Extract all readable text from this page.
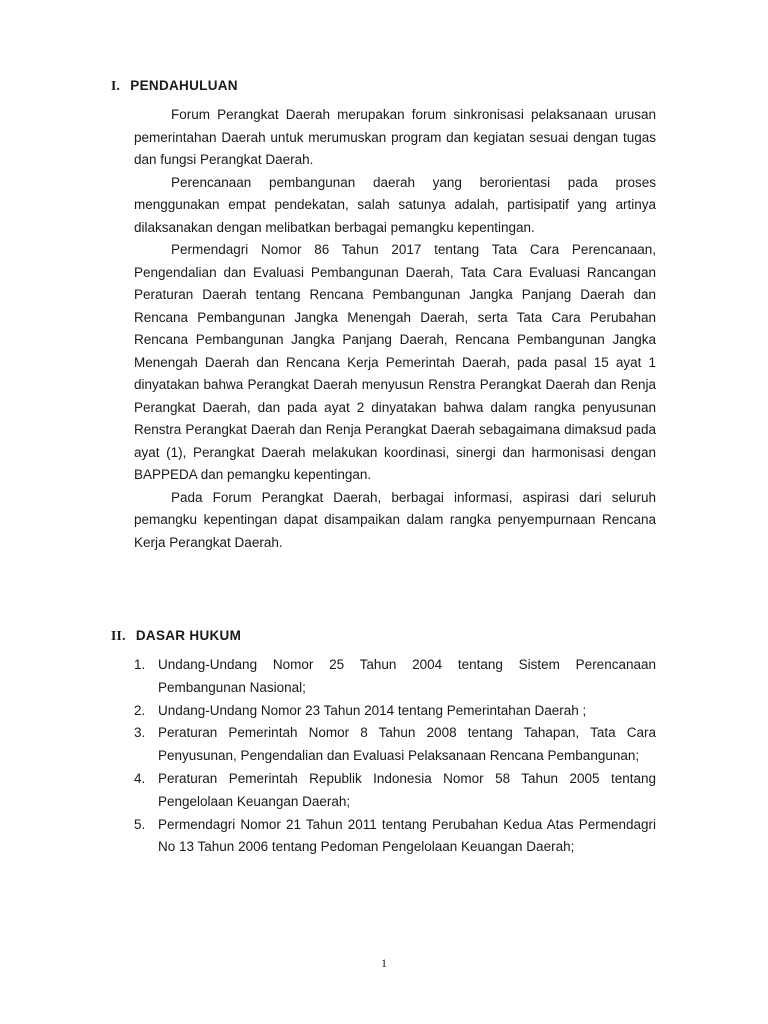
I. PENDAHULUAN

Forum Perangkat Daerah merupakan forum sinkronisasi pelaksanaan urusan pemerintahan Daerah untuk merumuskan program dan kegiatan sesuai dengan tugas dan fungsi Perangkat Daerah.

Perencanaan pembangunan daerah yang berorientasi pada proses menggunakan empat pendekatan, salah satunya adalah, partisipatif yang artinya dilaksanakan dengan melibatkan berbagai pemangku kepentingan.

Permendagri Nomor 86 Tahun 2017 tentang Tata Cara Perencanaan, Pengendalian dan Evaluasi Pembangunan Daerah, Tata Cara Evaluasi Rancangan Peraturan Daerah tentang Rencana Pembangunan Jangka Panjang Daerah dan Rencana Pembangunan Jangka Menengah Daerah, serta Tata Cara Perubahan Rencana Pembangunan Jangka Panjang Daerah, Rencana Pembangunan Jangka Menengah Daerah dan Rencana Kerja Pemerintah Daerah, pada pasal 15 ayat 1 dinyatakan bahwa Perangkat Daerah menyusun Renstra Perangkat Daerah dan Renja Perangkat Daerah, dan pada ayat 2 dinyatakan bahwa dalam rangka penyusunan Renstra Perangkat Daerah dan Renja Perangkat Daerah sebagaimana dimaksud pada ayat (1), Perangkat Daerah melakukan koordinasi, sinergi dan harmonisasi dengan BAPPEDA dan pemangku kepentingan.

Pada Forum Perangkat Daerah, berbagai informasi, aspirasi dari seluruh pemangku kepentingan dapat disampaikan dalam rangka penyempurnaan Rencana Kerja Perangkat Daerah.

II. DASAR HUKUM
1. Undang-Undang Nomor 25 Tahun 2004 tentang Sistem Perencanaan Pembangunan Nasional;
2. Undang-Undang Nomor 23 Tahun 2014 tentang Pemerintahan Daerah ;
3. Peraturan Pemerintah Nomor 8 Tahun 2008 tentang Tahapan, Tata Cara Penyusunan, Pengendalian dan Evaluasi Pelaksanaan Rencana Pembangunan;
4. Peraturan Pemerintah Republik Indonesia Nomor 58 Tahun 2005 tentang Pengelolaan Keuangan Daerah;
5. Permendagri Nomor 21 Tahun 2011 tentang Perubahan Kedua Atas Permendagri No 13 Tahun 2006 tentang Pedoman Pengelolaan Keuangan Daerah;
1
